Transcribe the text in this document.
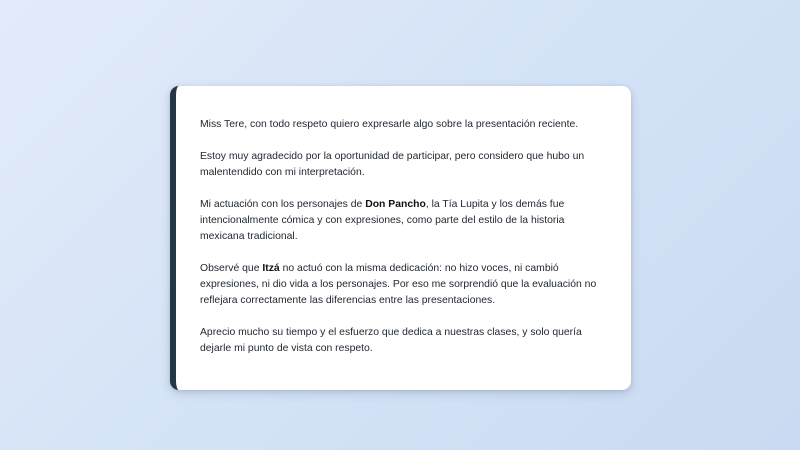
Miss Tere, con todo respeto quiero expresarle algo sobre la presentación reciente.

Estoy muy agradecido por la oportunidad de participar, pero considero que hubo un malentendido con mi interpretación.

Mi actuación con los personajes de Don Pancho, la Tía Lupita y los demás fue intencionalmente cómica y con expresiones, como parte del estilo de la historia mexicana tradicional.

Observé que Itzá no actuó con la misma dedicación: no hizo voces, ni cambió expresiones, ni dio vida a los personajes. Por eso me sorprendió que la evaluación no reflejara correctamente las diferencias entre las presentaciones.

Aprecio mucho su tiempo y el esfuerzo que dedica a nuestras clases, y solo quería dejarle mi punto de vista con respeto.
